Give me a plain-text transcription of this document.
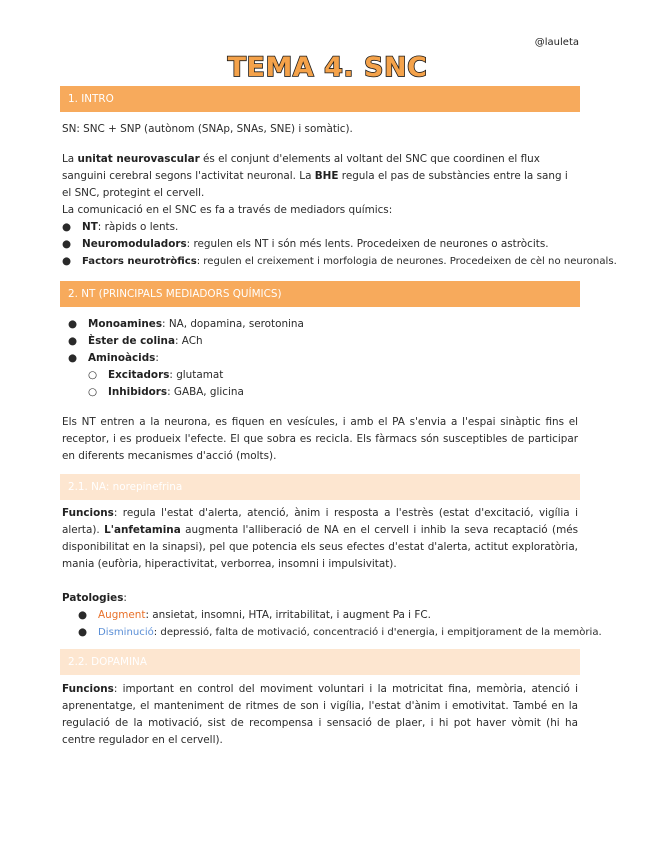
@lauleta
TEMA 4. SNC
1. INTRO
SN: SNC + SNP (autònom (SNAp, SNAs, SNE) i somàtic).
La unitat neurovascular és el conjunt d'elements al voltant del SNC que coordinen el flux sanguini cerebral segons l'activitat neuronal. La BHE regula el pas de substàncies entre la sang i el SNC, protegint el cervell.
La comunicació en el SNC es fa a través de mediadors químics:
● NT: ràpids o lents.
● Neuromoduladors: regulen els NT i són més lents. Procedeixen de neurones o astròcits.
● Factors neurotròfics: regulen el creixement i morfologia de neurones. Procedeixen de cèl no neuronals.
2. NT (PRINCIPALS MEDIADORS QUÍMICS)
● Monoamines: NA, dopamina, serotonina
● Èster de colina: ACh
● Aminoàcids:
○ Excitadors: glutamat
○ Inhibidors: GABA, glicina
Els NT entren a la neurona, es fiquen en vesícules, i amb el PA s'envia a l'espai sinàptic fins el receptor, i es produeix l'efecte. El que sobra es recicla. Els fàrmacs són susceptibles de participar en diferents mecanismes d'acció (molts).
2.1. NA: norepinefrina
Funcions: regula l'estat d'alerta, atenció, ànim i resposta a l'estrès (estat d'excitació, vigília i alerta). L'anfetamina augmenta l'alliberació de NA en el cervell i inhib la seva recaptació (més disponibilitat en la sinapsi), pel que potencia els seus efectes d'estat d'alerta, actitut exploratòria, mania (eufòria, hiperactivitat, verborrea, insomni i impulsivitat).
Patologies:
● Augment: ansietat, insomni, HTA, irritabilitat, i augment Pa i FC.
● Disminució: depressió, falta de motivació, concentració i d'energia, i empitjorament de la memòria.
2.2. DOPAMINA
Funcions: important en control del moviment voluntari i la motricitat fina, memòria, atenció i aprenentatge, el manteniment de ritmes de son i vigília, l'estat d'ànim i emotivitat. També en la regulació de la motivació, sist de recompensa i sensació de plaer, i hi pot haver vòmit (hi ha centre regulador en el cervell).
